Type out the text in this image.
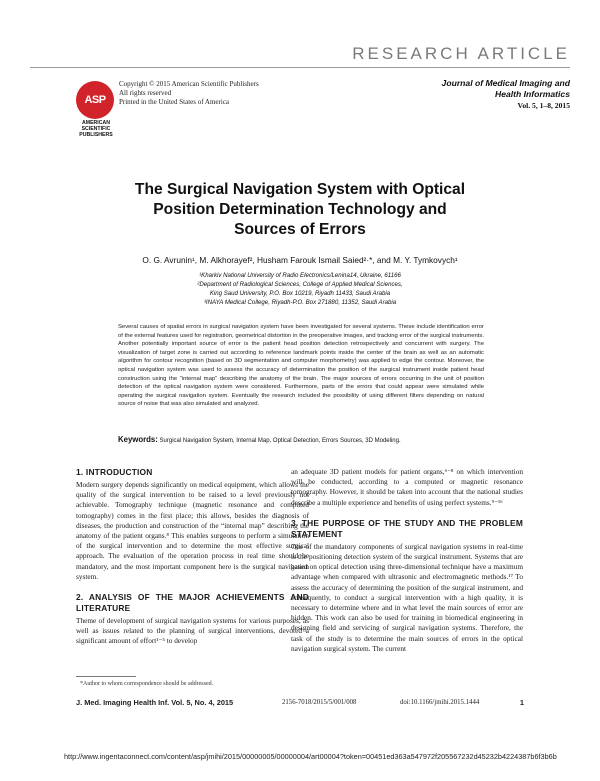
RESEARCH ARTICLE
ASP
AMERICAN
SCIENTIFIC
PUBLISHERS
Copyright © 2015 American Scientific Publishers
All rights reserved
Printed in the United States of America
Journal of Medical Imaging and
Health Informatics
Vol. 5, 1–8, 2015
The Surgical Navigation System with Optical
Position Determination Technology and
Sources of Errors
O. G. Avrunin¹, M. Alkhorayef², Husham Farouk Ismail Saied²·*, and M. Y. Tymkovych¹
¹Kharkiv National University of Radio Electronics/Lenina14, Ukraine, 61166
²Department of Radiological Sciences, College of Applied Medical Sciences,
King Saud University, P.O. Box 10219, Riyadh 11433, Saudi Arabia
³INAYA Medical College, Riyadh-P.O. Box 271880, 11352, Saudi Arabia
Several causes of spatial errors in surgical navigation system have been investigated for several systems. These include identification error of the external features used for registration, geometrical distortion in the preoperative images, and tracking error of the surgical instruments. Another potentially important source of error is the patient head position detection retrospectively and concurrent with surgery. The visualization of target zone is carried out according to reference landmark points inside the center of the brain as well as an automatic algorithm for contour recognition (based on 3D segmentation and computer morphometry) was applied to edge the contour. Moreover, the optical navigation system was used to assess the accuracy of determination the position of the surgical instrument inside patient head construction using the “internal map” describing the anatomy of the brain. The major sources of errors occurring in the unit of position detection of the optical navigation system were considered. Furthermore, parts of the errors that could appear were simulated while operating the surgical navigation system. Eventually the research included the possibility of using different filters depending on natural source of noise that was also simulated and analyzed.
Keywords: Surgical Navigation System, Internal Map, Optical Detection, Errors Sources, 3D Modeling.
1. INTRODUCTION

Modern surgery depends significantly on medical equipment, which allows the quality of the surgical intervention to be raised to a level previously not achievable. Tomography technique (magnetic resonance and computed tomography) comes in the first place; this allows, besides the diagnosis of diseases, the production and construction of the “internal map” describing the anatomy of the patient organs.⁸ This enables surgeons to perform a simulation of the surgical intervention and to determine the most effective surgical approach. The evaluation of the operation process in real time should be mandatory, and the most important component here is the surgical navigation system.

2. ANALYSIS OF THE MAJOR ACHIEVEMENTS AND LITERATURE

Theme of development of surgical navigation systems for various purposes, as well as issues related to the planning of surgical interventions, devoted a significant amount of effort¹⁻⁵ to develop

an adequate 3D patient models for patient organs,⁶⁻⁸ on which intervention will be conducted, according to a computed or magnetic resonance tomography. However, it should be taken into account that the national studies describe a multiple experience and benefits of using perfect systems.⁹⁻¹⁶

3. THE PURPOSE OF THE STUDY AND THE PROBLEM STATEMENT

One of the mandatory components of surgical navigation systems in real-time is the positioning detection system of the surgical instrument. Systems that are based on optical detection using three-dimensional technique have a maximum advantage when compared with ultrasonic and electromagnetic methods.¹⁷ To assess the accuracy of determining the position of the surgical instrument, and consequently, to conduct a surgical intervention with a high quality, it is necessary to determine where and in what level the main sources of error are hidden. This work can also be used for training in biomedical engineering in designing field and servicing of surgical navigation systems. Therefore, the task of the study is to determine the main sources of errors in the optical navigation surgical system. The current

*Author to whom correspondence should be addressed.
J. Med. Imaging Health Inf. Vol. 5, No. 4, 2015	2156-7018/2015/5/001/008	doi:10.1166/jmihi.2015.1444	1
http://www.ingentaconnect.com/content/asp/jmihi/2015/00000005/00000004/art00004?token=00451ed363a547972f205567232d45232b4224387b6f3b6b
